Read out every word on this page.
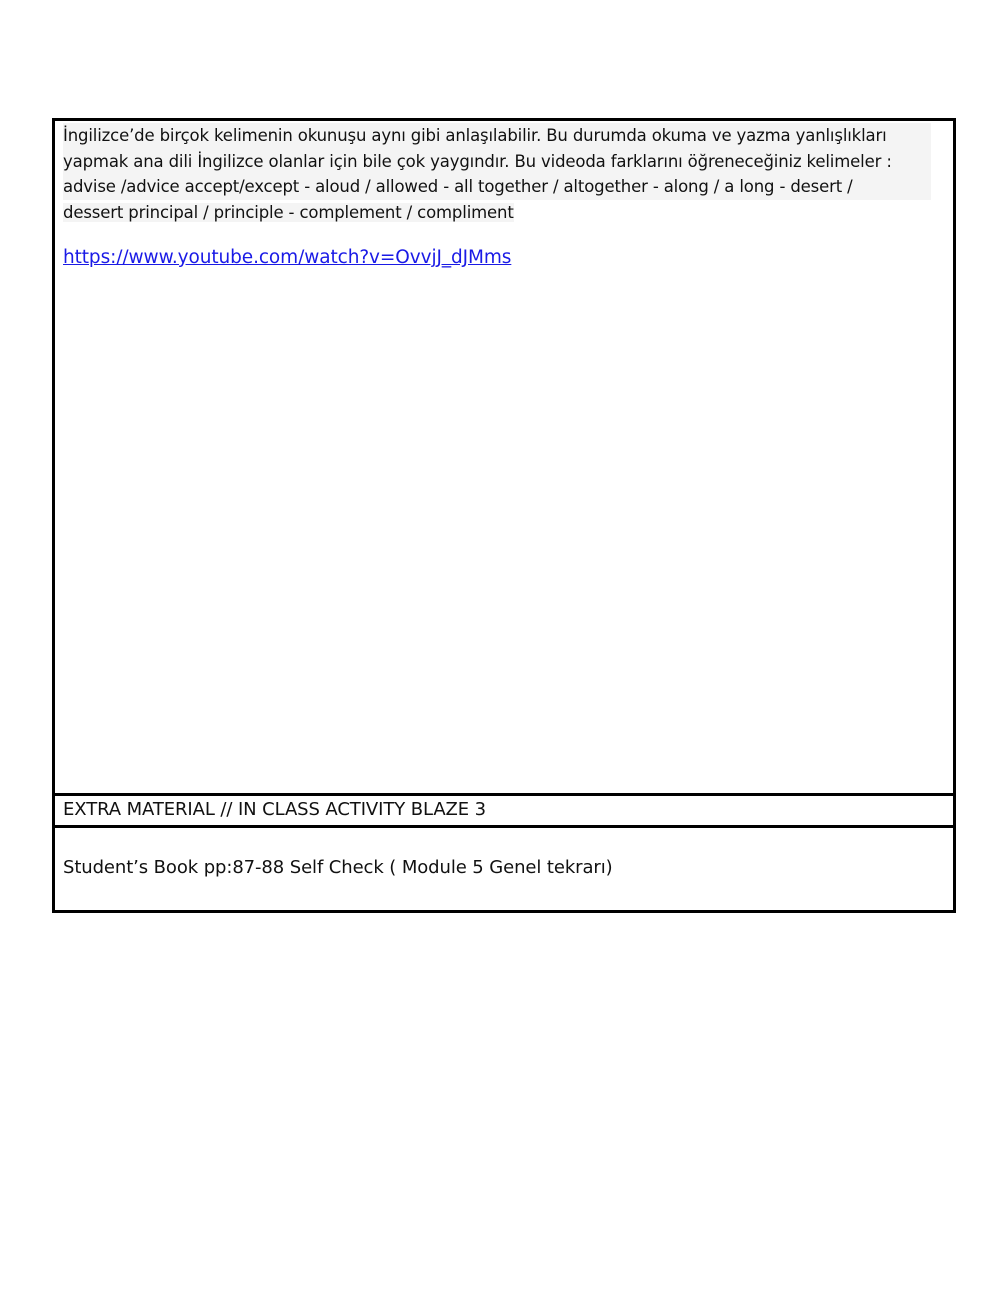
İngilizce’de birçok kelimenin okunuşu aynı gibi anlaşılabilir. Bu durumda okuma ve yazma yanlışlıkları
yapmak ana dili İngilizce olanlar için bile çok yaygındır. Bu videoda farklarını öğreneceğiniz kelimeler :
advise /advice accept/except - aloud / allowed - all together / altogether - along / a long - desert /
dessert principal / principle - complement / compliment

https://www.youtube.com/watch?v=OvvjJ_dJMms
EXTRA MATERIAL // IN CLASS ACTIVITY BLAZE 3
Student’s Book pp:87-88 Self Check ( Module 5 Genel tekrarı)
